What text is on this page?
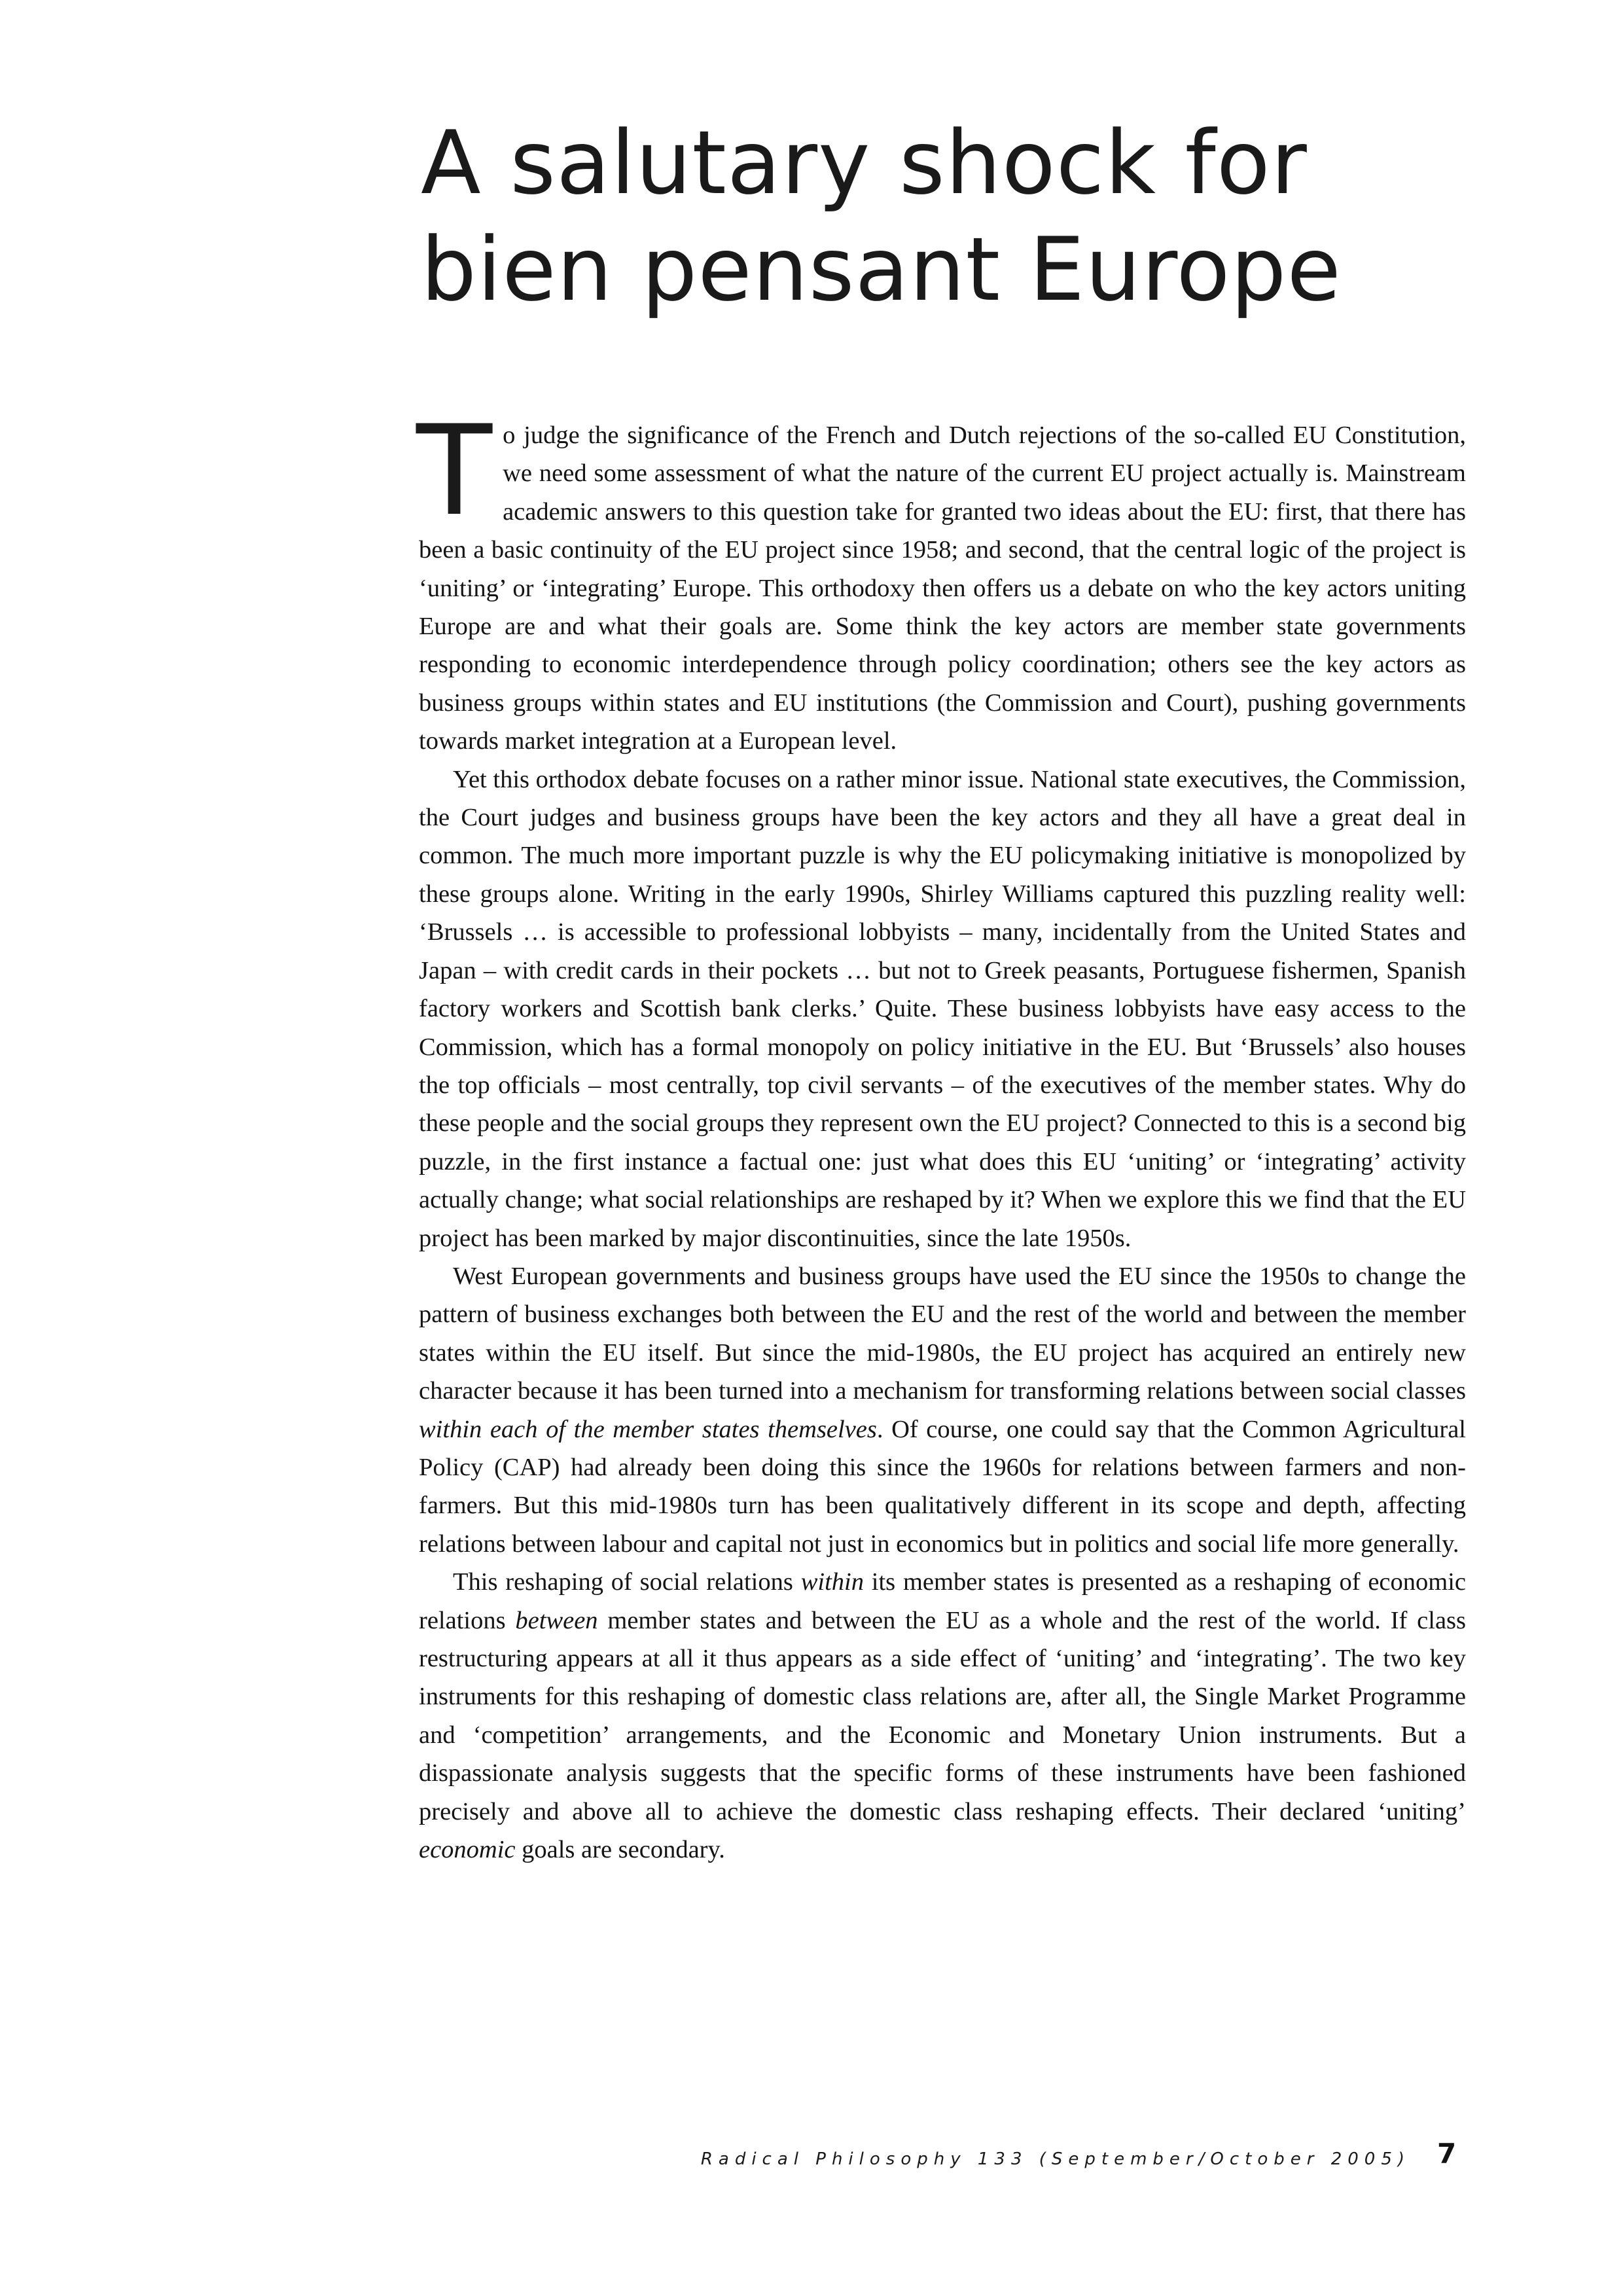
A salutary shock for
bien pensant Europe

To judge the significance of the French and Dutch rejections of the so-called EU Constitution, we need some assessment of what the nature of the current EU project actually is. Mainstream academic answers to this question take for granted two ideas about the EU: first, that there has been a basic continuity of the EU project since 1958; and second, that the central logic of the project is ‘uniting’ or ‘integrating’ Europe. This orthodoxy then offers us a debate on who the key actors uniting Europe are and what their goals are. Some think the key actors are member state governments responding to economic interdependence through policy coordination; others see the key actors as business groups within states and EU institutions (the Commission and Court), pushing governments towards market integration at a European level.

Yet this orthodox debate focuses on a rather minor issue. National state executives, the Commission, the Court judges and business groups have been the key actors and they all have a great deal in common. The much more important puzzle is why the EU policymaking initiative is monopolized by these groups alone. Writing in the early 1990s, Shirley Williams captured this puzzling reality well: ‘Brussels … is accessible to professional lobbyists – many, incidentally from the United States and Japan – with credit cards in their pockets … but not to Greek peasants, Portuguese fishermen, Spanish factory workers and Scottish bank clerks.’ Quite. These business lobbyists have easy access to the Commission, which has a formal monopoly on policy initiative in the EU. But ‘Brussels’ also houses the top officials – most centrally, top civil servants – of the executives of the member states. Why do these people and the social groups they represent own the EU project? Connected to this is a second big puzzle, in the first instance a factual one: just what does this EU ‘uniting’ or ‘integrating’ activity actually change; what social relationships are reshaped by it? When we explore this we find that the EU project has been marked by major discontinuities, since the late 1950s.

West European governments and business groups have used the EU since the 1950s to change the pattern of business exchanges both between the EU and the rest of the world and between the member states within the EU itself. But since the mid-1980s, the EU project has acquired an entirely new character because it has been turned into a mechanism for transforming relations between social classes within each of the member states themselves. Of course, one could say that the Common Agricultural Policy (CAP) had already been doing this since the 1960s for relations between farmers and non-farmers. But this mid-1980s turn has been qualitatively different in its scope and depth, affecting relations between labour and capital not just in economics but in politics and social life more generally.

This reshaping of social relations within its member states is presented as a reshaping of economic relations between member states and between the EU as a whole and the rest of the world. If class restructuring appears at all it thus appears as a side effect of ‘uniting’ and ‘integrating’. The two key instruments for this reshaping of domestic class relations are, after all, the Single Market Programme and ‘competition’ arrangements, and the Economic and Monetary Union instruments. But a dispassionate analysis suggests that the specific forms of these instruments have been fashioned precisely and above all to achieve the domestic class reshaping effects. Their declared ‘uniting’ economic goals are secondary.

Radical Philosophy 133 (September/October 2005) 7
